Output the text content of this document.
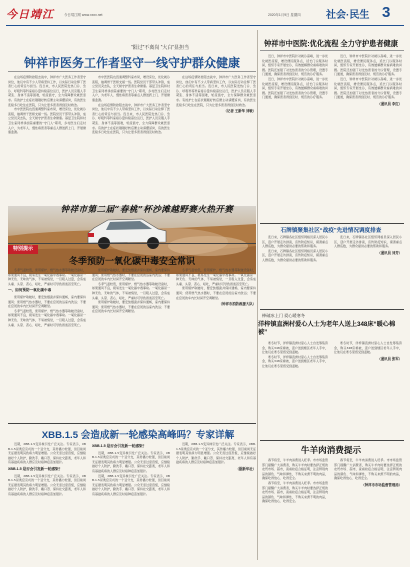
今日靖江	今日靖江网 www.xxxx.net	2020年1月9日 星期四	社会·民生 3
“阳过”不离岗 “大白”显担当
钟祥市医务工作者坚守一线守护群众健康

在这场疫情防控阻击战中，钟祥市广大医务工作者坚守岗位，他们中有不少人带病坚持工作，以实际行动诠释了医者仁心的责任与担当。连日来，市人民医院发热门诊、急诊、呼吸科等科室接诊量持续高位运行，医护人员克服人手紧张、身体不适等困难，轮流值守，全力保障群众就医需求。有的护士在症状刚刚好转后便主动请缨返岗，有的医生连续多日吃住在医院，只为让更多患者得到及时救治。

市中医医院也迅速调整科室布局，增设床位，优化就诊流程，抽调骨干医师支援一线。医院党员干部带头冲锋，成立党员突击队，全天候守护患者生命健康。基层卫生院和村卫生室同样承担着重要的“守门人”职责，乡村医生们走村入户，为老年人、慢性病患者等重点人群送药上门、开展健康监测。

市中医医院也迅速调整科室布局，增设床位，优化就诊流程，抽调骨干医师支援一线。医院党员干部带头冲锋，成立党员突击队，全天候守护患者生命健康。基层卫生院和村卫生室同样承担着重要的“守门人”职责，乡村医生们走村入户，为老年人、慢性病患者等重点人群送药上门、开展健康监测。

在这场疫情防控阻击战中，钟祥市广大医务工作者坚守岗位，他们中有不少人带病坚持工作，以实际行动诠释了医者仁心的责任与担当。连日来，市人民医院发热门诊、急诊、呼吸科等科室接诊量持续高位运行，医护人员克服人手紧张、身体不适等困难，轮流值守，全力保障群众就医需求。有的护士在症状刚刚好转后便主动请缨返岗，有的医生连续多日吃住在医院，只为让更多患者得到及时救治。

在这场疫情防控阻击战中，钟祥市广大医务工作者坚守岗位，他们中有不少人带病坚持工作，以实际行动诠释了医者仁心的责任与担当。连日来，市人民医院发热门诊、急诊、呼吸科等科室接诊量持续高位运行，医护人员克服人手紧张、身体不适等困难，轮流值守，全力保障群众就医需求。有的护士在症状刚刚好转后便主动请缨返岗，有的医生连续多日吃住在医院，只为让更多患者得到及时救治。

（记者 王新华 刘敏）

钟祥市第二届“春桃”杯沙滩越野赛火热开赛
特别提示
冬季预防一氧化碳中毒安全常识

冬季气温较低，使用煤炉、燃气热水器等取暖设备时，如果通风不良，极易发生一氧化碳中毒事故。一氧化碳是一种无色、无味的气体，不易被察觉，一旦吸入过量，会造成头痛、头晕、恶心、呕吐，严重时可导致昏迷甚至死亡。

一、如何预防一氧化碳中毒

使用煤炉取暖时，要安装烟囱并保持通畅，室内要保持通风；使用燃气热水器时，不要在密闭的浴室内洗浴；不要在密闭的车内长时间开空调睡觉。

冬季气温较低，使用煤炉、燃气热水器等取暖设备时，如果通风不良，极易发生一氧化碳中毒事故。一氧化碳是一种无色、无味的气体，不易被察觉，一旦吸入过量，会造成头痛、头晕、恶心、呕吐，严重时可导致昏迷甚至死亡。

使用煤炉取暖时，要安装烟囱并保持通畅，室内要保持通风；使用燃气热水器时，不要在密闭的浴室内洗浴；不要在密闭的车内长时间开空调睡觉。

冬季气温较低，使用煤炉、燃气热水器等取暖设备时，如果通风不良，极易发生一氧化碳中毒事故。一氧化碳是一种无色、无味的气体，不易被察觉，一旦吸入过量，会造成头痛、头晕、恶心、呕吐，严重时可导致昏迷甚至死亡。

使用煤炉取暖时，要安装烟囱并保持通畅，室内要保持通风；使用燃气热水器时，不要在密闭的浴室内洗浴；不要在密闭的车内长时间开空调睡觉。

冬季气温较低，使用煤炉、燃气热水器等取暖设备时，如果通风不良，极易发生一氧化碳中毒事故。一氧化碳是一种无色、无味的气体，不易被察觉，一旦吸入过量，会造成头痛、头晕、恶心、呕吐，严重时可导致昏迷甚至死亡。

使用煤炉取暖时，要安装烟囱并保持通畅，室内要保持通风；使用燃气热水器时，不要在密闭的浴室内洗浴；不要在密闭的车内长时间开空调睡觉。

（钟祥市消防救援大队）

XBB.1.5 会造成新一轮感染高峰吗？专家详解

近期，XBB.1.5变异株引发广泛关注。专家表示，XBB.1.5是奥密克戎的一个亚分支，其传播力较强，但目前尚无证据表明其致病力明显增强。公众无需过度恐慌，应继续做好个人防护，勤洗手、戴口罩、保持社交距离，老年人和有基础疾病的人群应及时接种疫苗加强针。

XBB.1.5 是否会引发新一轮感染？

近期，XBB.1.5变异株引发广泛关注。专家表示，XBB.1.5是奥密克戎的一个亚分支，其传播力较强，但目前尚无证据表明其致病力明显增强。公众无需过度恐慌，应继续做好个人防护，勤洗手、戴口罩、保持社交距离，老年人和有基础疾病的人群应及时接种疫苗加强针。

XBB.1.5 是否会引发新一轮感染？

近期，XBB.1.5变异株引发广泛关注。专家表示，XBB.1.5是奥密克戎的一个亚分支，其传播力较强，但目前尚无证据表明其致病力明显增强。公众无需过度恐慌，应继续做好个人防护，勤洗手、戴口罩、保持社交距离，老年人和有基础疾病的人群应及时接种疫苗加强针。

近期，XBB.1.5变异株引发广泛关注。专家表示，XBB.1.5是奥密克戎的一个亚分支，其传播力较强，但目前尚无证据表明其致病力明显增强。公众无需过度恐慌，应继续做好个人防护，勤洗手、戴口罩、保持社交距离，老年人和有基础疾病的人群应及时接种疫苗加强针。

近期，XBB.1.5变异株引发广泛关注。专家表示，XBB.1.5是奥密克戎的一个亚分支，其传播力较强，但目前尚无证据表明其致病力明显增强。公众无需过度恐慌，应继续做好个人防护，勤洗手、戴口罩、保持社交距离，老年人和有基础疾病的人群应及时接种疫苗加强针。

（据新华社）

钟祥市中医院:优化流程 全力守护患者健康

近日，钟祥市中医院针对就诊高峰，进一步优化就医流程，增设便民服务点，延长门诊服务时间，组织专家开展坐诊，有效缓解群众看病难的问题。医院还加强了对发热患者的分诊管理，设置专门通道，确保患者得到及时、规范的诊疗服务。

近日，钟祥市中医院针对就诊高峰，进一步优化就医流程，增设便民服务点，延长门诊服务时间，组织专家开展坐诊，有效缓解群众看病难的问题。医院还加强了对发热患者的分诊管理，设置专门通道，确保患者得到及时、规范的诊疗服务。

近日，钟祥市中医院针对就诊高峰，进一步优化就医流程，增设便民服务点，延长门诊服务时间，组织专家开展坐诊，有效缓解群众看病难的问题。医院还加强了对发热患者的分诊管理，设置专门通道，确保患者得到及时、规范的诊疗服务。

近日，钟祥市中医院针对就诊高峰，进一步优化就医流程，增设便民服务点，延长门诊服务时间，组织专家开展坐诊，有效缓解群众看病难的问题。医院还加强了对发热患者的分诊管理，设置专门通道，确保患者得到及时、规范的诊疗服务。

（通讯员 李红）

石牌镇聚集社区“战疫”先进情况调度排查

连日来，石牌镇各社区组织网格员深入居民小区，逐户开展走访排查，宣传防疫知识，摸清重点人群底数，为群众提供必要的帮助和服务。

连日来，石牌镇各社区组织网格员深入居民小区，逐户开展走访排查，宣传防疫知识，摸清重点人群底数，为群众提供必要的帮助和服务。

连日来，石牌镇各社区组织网格员深入居民小区，逐户开展走访排查，宣传防疫知识，摸清重点人群底数，为群众提供必要的帮助和服务。

（通讯员 刘芳）

棒破冰上门 爱心暖寒冬
洋梓镇直洲村爱心人士为老年人送上348床“暖心棉被”

寒冬时节，洋梓镇直洲村爱心人士自发筹集资金，购买348床棉被，逐户送到辖区老年人手中，让他们在寒冬里感受到温暖。

寒冬时节，洋梓镇直洲村爱心人士自发筹集资金，购买348床棉被，逐户送到辖区老年人手中，让他们在寒冬里感受到温暖。

寒冬时节，洋梓镇直洲村爱心人士自发筹集资金，购买348床棉被，逐户送到辖区老年人手中，让他们在寒冬里感受到温暖。

（通讯员 张军）

牛羊肉消费提示

春节将至，牛羊肉消费进入旺季。市市场监管部门提醒广大消费者，购买牛羊肉时要选择正规的农贸市场、超市，查看检疫合格证明，注意辨别肉品的颜色、气味和弹性，不购买来源不明的肉品，确保吃得放心、吃得安全。

春节将至，牛羊肉消费进入旺季。市市场监管部门提醒广大消费者，购买牛羊肉时要选择正规的农贸市场、超市，查看检疫合格证明，注意辨别肉品的颜色、气味和弹性，不购买来源不明的肉品，确保吃得放心、吃得安全。

春节将至，牛羊肉消费进入旺季。市市场监管部门提醒广大消费者，购买牛羊肉时要选择正规的农贸市场、超市，查看检疫合格证明，注意辨别肉品的颜色、气味和弹性，不购买来源不明的肉品，确保吃得放心、吃得安全。

（钟祥市市场监督管理局）
